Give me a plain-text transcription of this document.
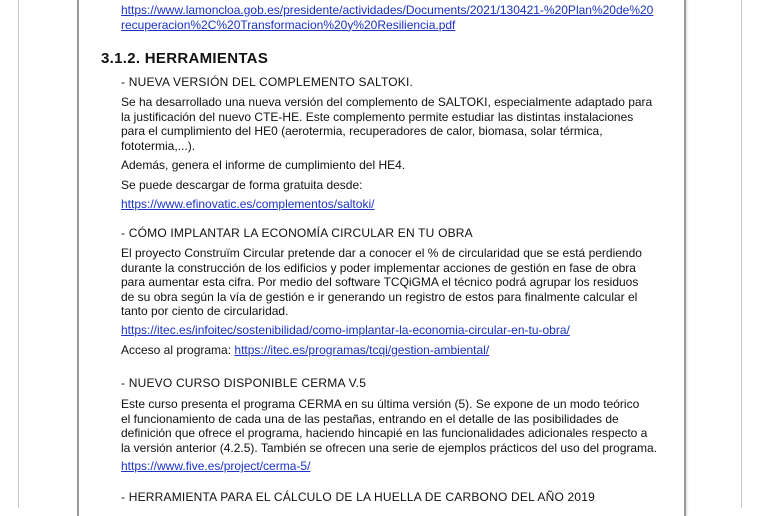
https://www.lamoncloa.gob.es/presidente/actividades/Documents/2021/130421-%20Plan%20de%20

recuperacion%2C%20Transformacion%20y%20Resiliencia.pdf

3.1.2. HERRAMIENTAS

- NUEVA VERSIÓN DEL COMPLEMENTO SALTOKI.

Se ha desarrollado una nueva versión del complemento de SALTOKI, especialmente adaptado para

la justificación del nuevo CTE-HE. Este complemento permite estudiar las distintas instalaciones

para el cumplimiento del HE0 (aerotermia, recuperadores de calor, biomasa, solar térmica,

fototermia,...).

Además, genera el informe de cumplimiento del HE4.

Se puede descargar de forma gratuita desde:

https://www.efinovatic.es/complementos/saltoki/

- CÓMO IMPLANTAR LA ECONOMÍA CIRCULAR EN TU OBRA

El proyecto Construïm Circular pretende dar a conocer el % de circularidad que se está perdiendo

durante la construcción de los edificios y poder implementar acciones de gestión en fase de obra

para aumentar esta cifra. Por medio del software TCQiGMA el técnico podrá agrupar los residuos

de su obra según la vía de gestión e ir generando un registro de estos para finalmente calcular el

tanto por ciento de circularidad.

https://itec.es/infoitec/sostenibilidad/como-implantar-la-economia-circular-en-tu-obra/

Acceso al programa: https://itec.es/programas/tcqi/gestion-ambiental/

- NUEVO CURSO DISPONIBLE CERMA V.5

Este curso presenta el programa CERMA en su última versión (5). Se expone de un modo teórico

el funcionamiento de cada una de las pestañas, entrando en el detalle de las posibilidades de

definición que ofrece el programa, haciendo hincapié en las funcionalidades adicionales respecto a

la versión anterior (4.2.5). También se ofrecen una serie de ejemplos prácticos del uso del programa.

https://www.five.es/project/cerma-5/

- HERRAMIENTA PARA EL CÁLCULO DE LA HUELLA DE CARBONO DEL AÑO 2019
